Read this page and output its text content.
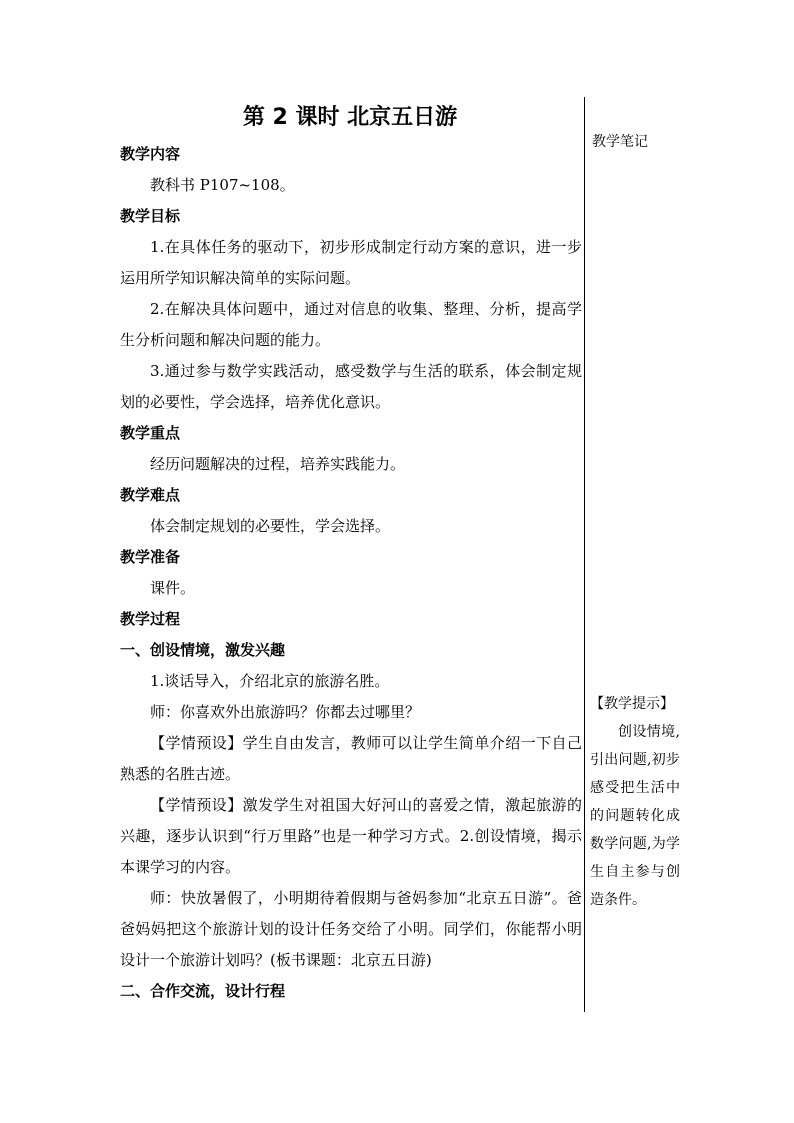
第 2 课时 北京五日游
教学内容
教科书 P107~108。
教学目标
1.在具体任务的驱动下，初步形成制定行动方案的意识，进一步运用所学知识解决简单的实际问题。
2.在解决具体问题中，通过对信息的收集、整理、分析，提高学生分析问题和解决问题的能力。
3.通过参与数学实践活动，感受数学与生活的联系，体会制定规划的必要性，学会选择，培养优化意识。
教学重点
经历问题解决的过程，培养实践能力。
教学难点
体会制定规划的必要性，学会选择。
教学准备
课件。
教学过程
一、创设情境，激发兴趣
1.谈话导入，介绍北京的旅游名胜。
师：你喜欢外出旅游吗？你都去过哪里？
【学情预设】学生自由发言，教师可以让学生简单介绍一下自己熟悉的名胜古迹。
【学情预设】激发学生对祖国大好河山的喜爱之情，激起旅游的兴趣，逐步认识到“行万里路”也是一种学习方式。2.创设情境，揭示本课学习的内容。
师：快放暑假了，小明期待着假期与爸妈参加“北京五日游”。爸爸妈妈把这个旅游计划的设计任务交给了小明。同学们，你能帮小明设计一个旅游计划吗？(板书课题：北京五日游)
二、合作交流，设计行程
教学笔记
【教学提示】
创设情境,引出问题,初步感受把生活中的问题转化成数学问题,为学生自主参与创造条件。
